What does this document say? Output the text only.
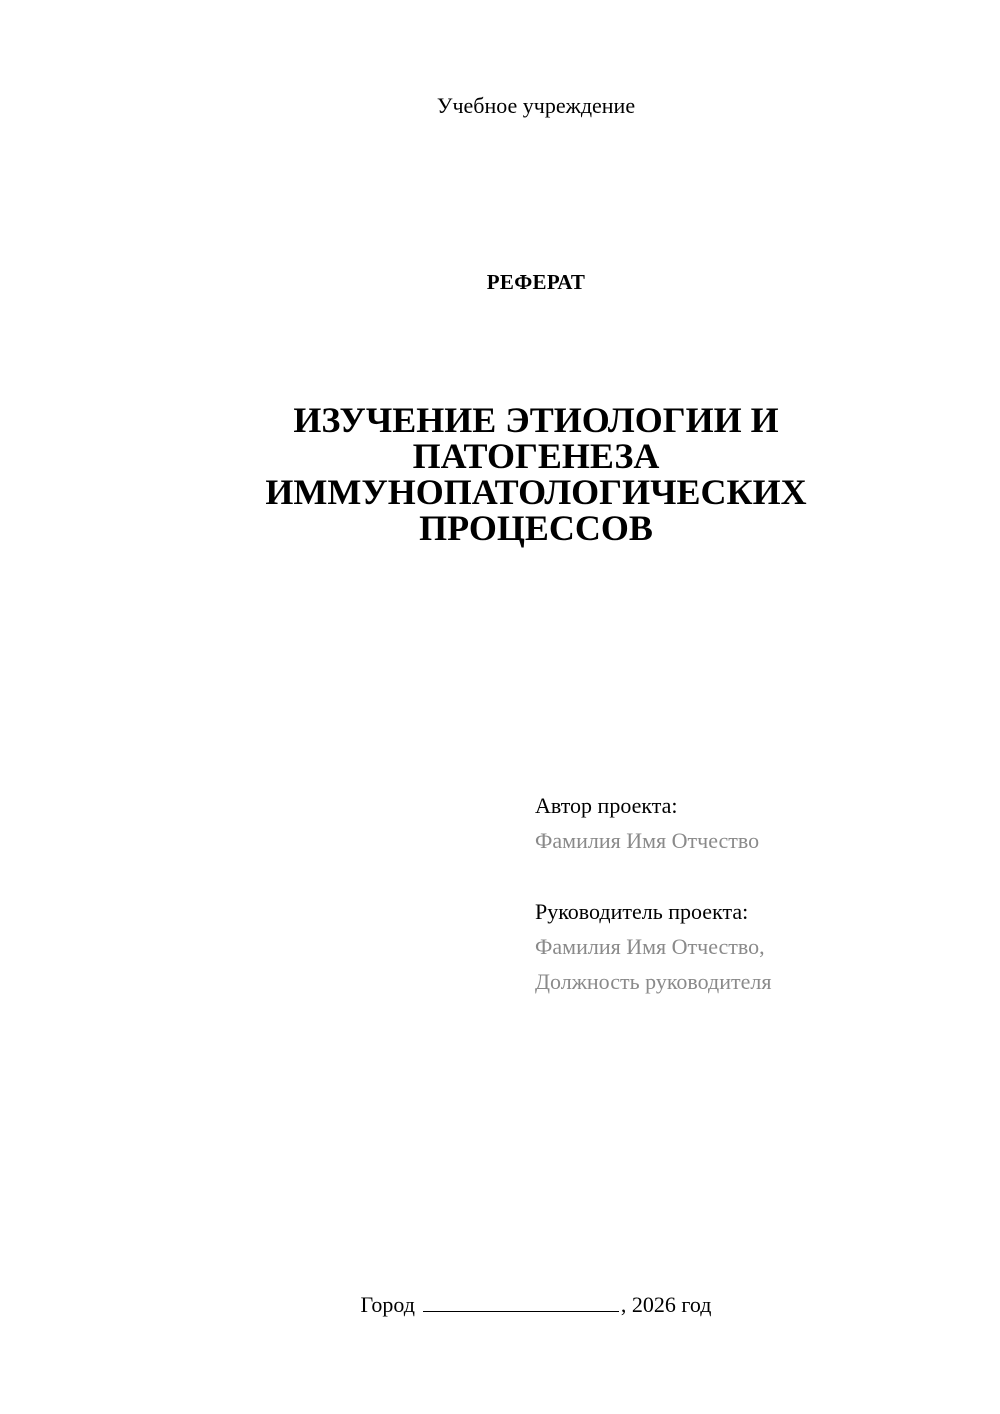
Учебное учреждение
РЕФЕРАТ
ИЗУЧЕНИЕ ЭТИОЛОГИИ И
ПАТОГЕНЕЗА
ИММУНОПАТОЛОГИЧЕСКИХ
ПРОЦЕССОВ
Автор проекта:
Фамилия Имя Отчество
Руководитель проекта:
Фамилия Имя Отчество,
Должность руководителя
Город	, 2026 год
